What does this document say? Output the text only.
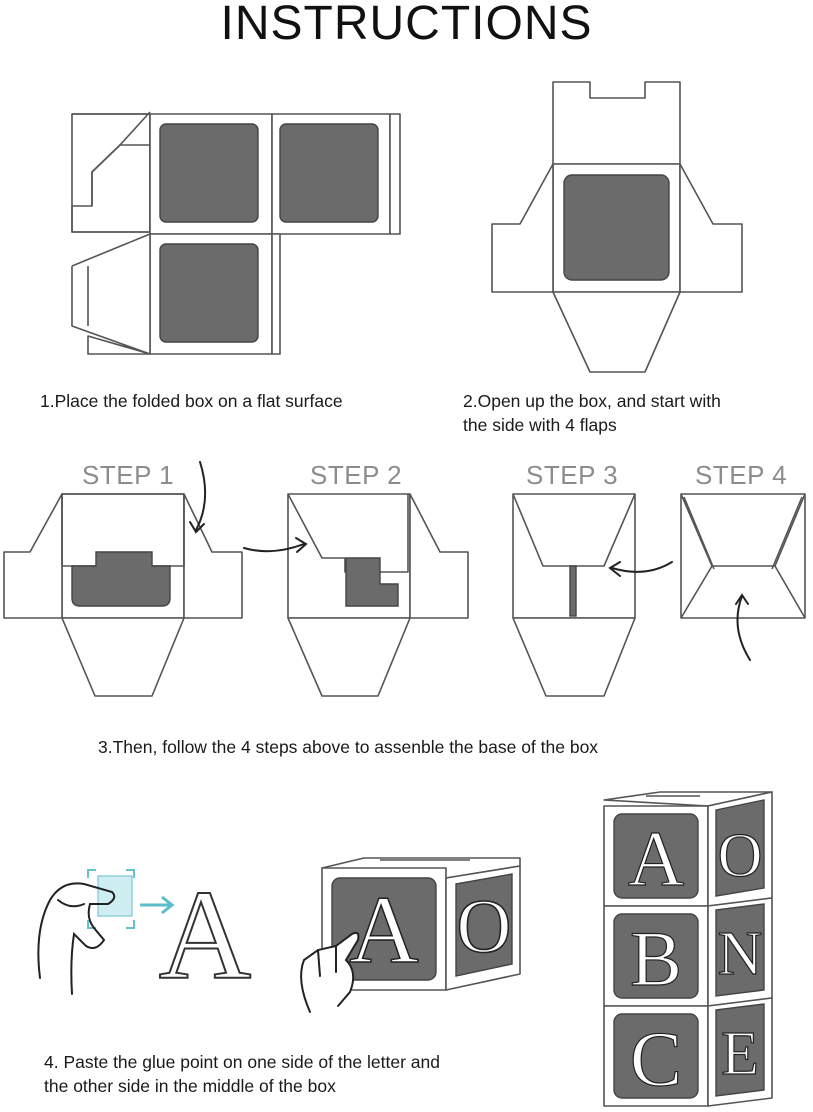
INSTRUCTIONS
A A O
A O
B N
C E
1.Place the folded box on a flat surface	2.Open up the box, and start with
the side with 4 flaps
STEP 1	STEP 2	STEP 3	STEP 4
3.Then, follow the 4 steps above to assenble the base of the box
4. Paste the glue point on one side of the letter and
the other side in the middle of the box
